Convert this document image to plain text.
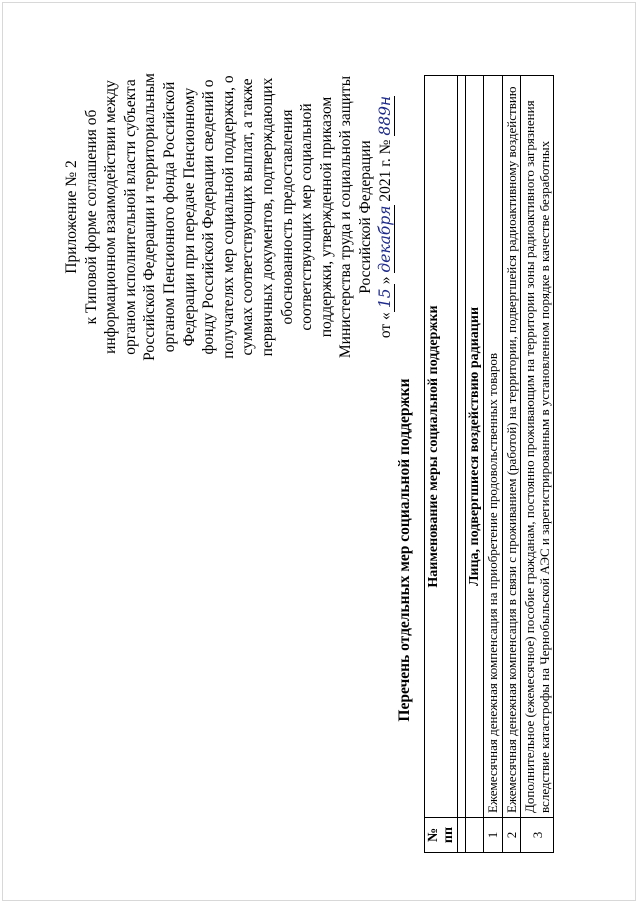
Приложение № 2 к Типовой форме соглашения об информационном взаимодействии между органом исполнительной власти субъекта Российской Федерации и территориальным органом Пенсионного фонда Российской Федерации при передаче Пенсионному фонду Российской Федерации сведений о получателях мер социальной поддержки, о суммах соответствующих выплат, а также первичных документов, подтверждающих обоснованность предоставления соответствующих мер социальной поддержки, утвержденной приказом Министерства труда и социальной защиты Российской Федерации
от «15» декабря 2021 г. № 889н
Перечень отдельных мер социальной поддержки
№ пп	Наименование меры социальной поддержки

	Лица, подвергшиеся воздействию радиации
1	Ежемесячная денежная компенсация на приобретение продовольственных товаров
2	Ежемесячная денежная компенсация в связи с проживанием (работой) на территории, подвергшейся радиоактивному воздействию
3	Дополнительное (ежемесячное) пособие гражданам, постоянно проживающим на территории зоны радиоактивного загрязнения вследствие катастрофы на Чернобыльской АЭС и зарегистрированным в установленном порядке в качестве безработных
